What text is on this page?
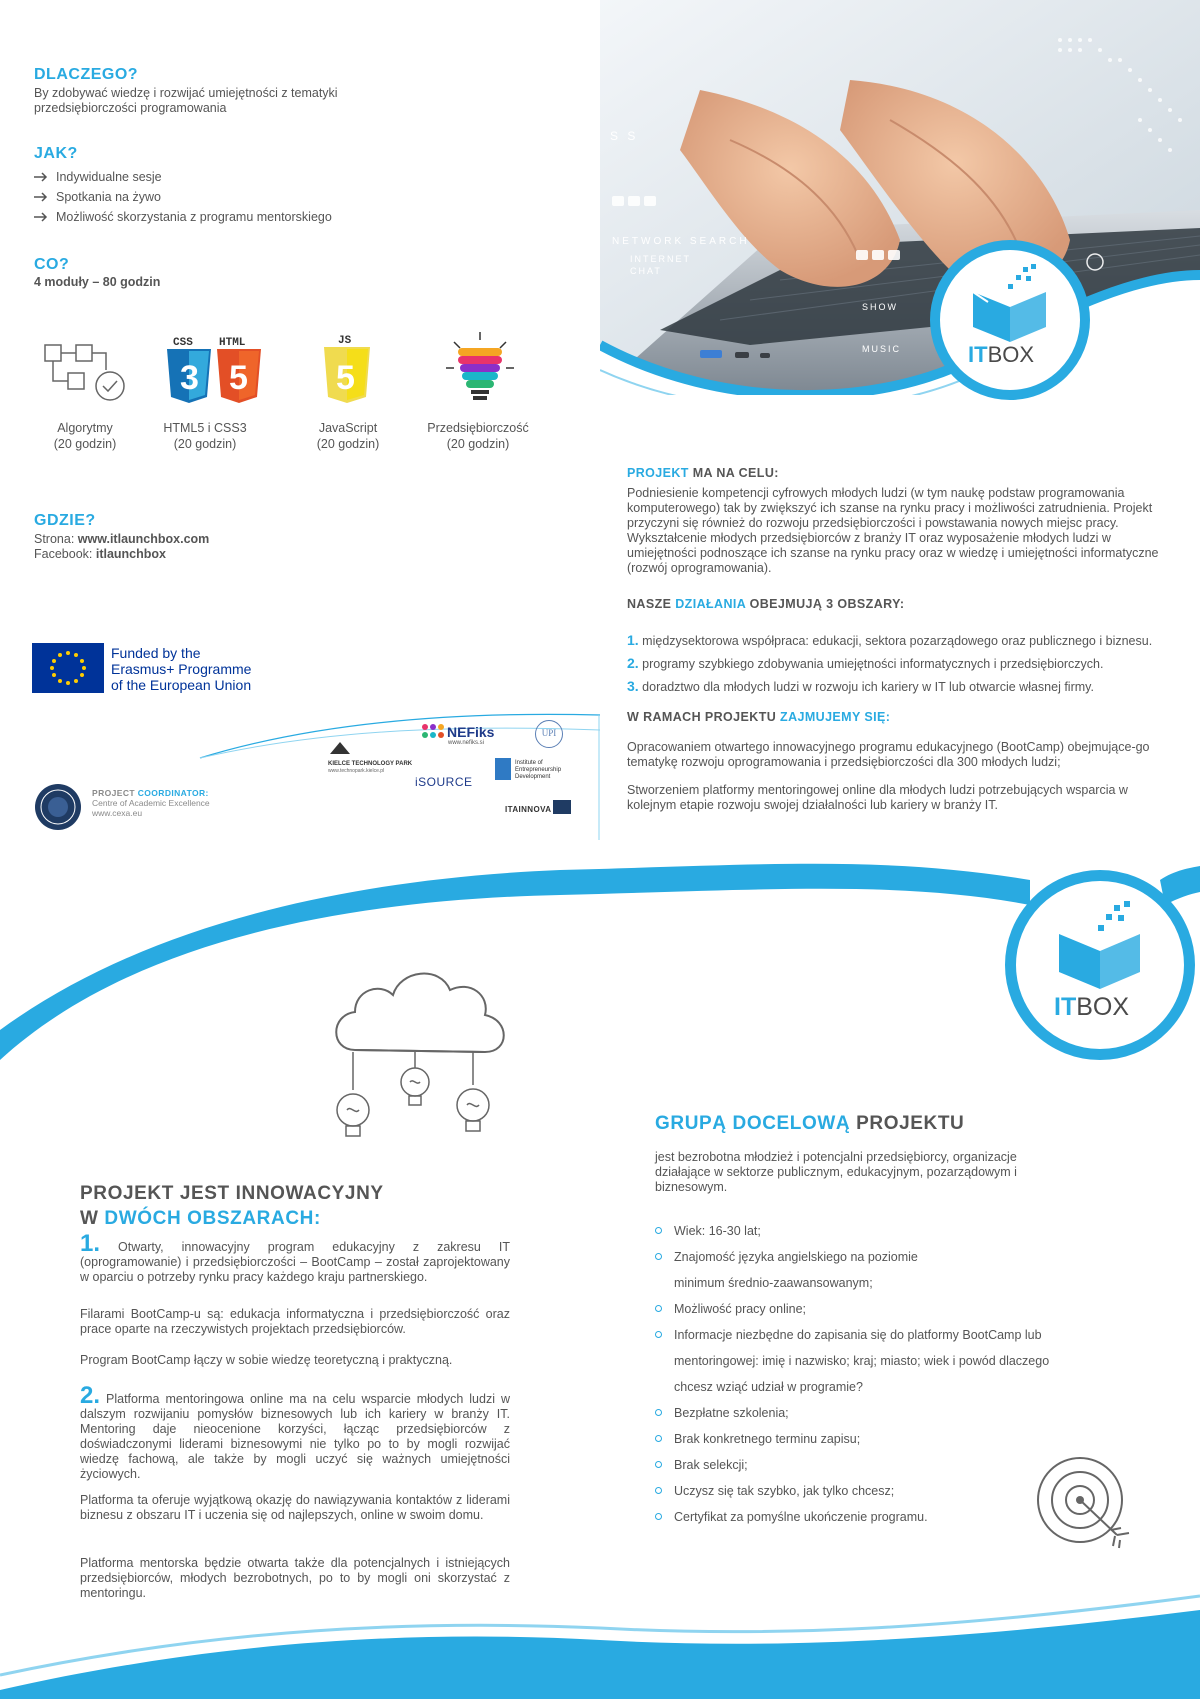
S S
NETWORK SEARCH
INTERNET
CHAT
SHOW
MUSIC	ITBOX
DLACZEGO?
By zdobywać wiedzę i rozwijać umiejętności z tematyki przedsiębiorczości programowania
JAK?
Indywidualne sesje
Spotkania na żywo
Możliwość skorzystania z programu mentorskiego
CO?
4 moduły – 80 godzin
CSS HTML
3 5
JS
5
Algorytmy
(20 godzin)
HTML5 i CSS3
(20 godzin)
JavaScript
(20 godzin)
Przedsiębiorczość
(20 godzin)
GDZIE?
Strona: www.itlaunchbox.com
Facebook: itlaunchbox
Funded by the
Erasmus+ Programme
of the European Union
PROJECT COORDINATOR:
Centre of Academic Excellence
www.cexa.eu
KIELCE TECHNOLOGY PARK
www.technopark.kielce.pl
NEFiks
www.nefiks.si
UPI
iSOURCE
Institute of Entrepreneurship Development
ITAINNOVA
PROJEKT MA NA CELU:
Podniesienie kompetencji cyfrowych młodych ludzi (w tym naukę podstaw programowania komputerowego) tak by zwiększyć ich szanse na rynku pracy i możliwości zatrudnienia. Projekt przyczyni się również do rozwoju przedsiębiorczości i powstawania nowych miejsc pracy. Wykształcenie młodych przedsiębiorców z branży IT oraz wyposażenie młodych ludzi w umiejętności podnoszące ich szanse na rynku pracy oraz w wiedzę i umiejętności informatyczne (rozwój oprogramowania).
NASZE DZIAŁANIA OBEJMUJĄ 3 OBSZARY:
1. międzysektorowa współpraca: edukacji, sektora pozarządowego oraz publicznego i biznesu.
2. programy szybkiego zdobywania umiejętności informatycznych i przedsiębiorczych.
3. doradztwo dla młodych ludzi w rozwoju ich kariery w IT lub otwarcie własnej firmy.
W RAMACH PROJEKTU ZAJMUJEMY SIĘ:
Opracowaniem otwartego innowacyjnego programu edukacyjnego (BootCamp) obejmujące-go tematykę rozwoju oprogramowania i przedsiębiorczości dla 300 młodych ludzi;
Stworzeniem platformy mentoringowej online dla młodych ludzi potrzebujących wsparcia w kolejnym etapie rozwoju swojej działalności lub kariery w branży IT.
PROJEKT JEST INNOWACYJNY
W DWÓCH OBSZARACH:
1. Otwarty, innowacyjny program edukacyjny z zakresu IT (oprogramowanie) i przedsiębiorczości – BootCamp – został zaprojektowany w oparciu o potrzeby rynku pracy każdego kraju partnerskiego.
Filarami BootCamp-u są: edukacja informatyczna i przedsiębiorczość oraz prace oparte na rzeczywistych projektach przedsiębiorców.
Program BootCamp łączy w sobie wiedzę teoretyczną i praktyczną.
2. Platforma mentoringowa online ma na celu wsparcie młodych ludzi w dalszym rozwijaniu pomysłów biznesowych lub ich kariery w branży IT. Mentoring daje nieocenione korzyści, łącząc przedsiębiorców z doświadczonymi liderami biznesowymi nie tylko po to by mogli rozwijać wiedzę fachową, ale także by mogli uczyć się ważnych umiejętności życiowych.
Platforma ta oferuje wyjątkową okazję do nawiązywania kontaktów z liderami biznesu z obszaru IT i uczenia się od najlepszych, online w swoim domu.
Platforma mentorska będzie otwarta także dla potencjalnych i istniejących przedsiębiorców, młodych bezrobotnych, po to by mogli oni skorzystać z mentoringu.
ITBOX
GRUPĄ DOCELOWĄ PROJEKTU
jest bezrobotna młodzież i potencjalni przedsiębiorcy, organizacje działające w sektorze publicznym, edukacyjnym, pozarządowym i biznesowym.
Wiek: 16-30 lat;
Znajomość języka angielskiego na poziomie
minimum średnio-zaawansowanym;
Możliwość pracy online;
Informacje niezbędne do zapisania się do platformy BootCamp lub
mentoringowej: imię i nazwisko; kraj; miasto; wiek i powód dlaczego
chcesz wziąć udział w programie?
Bezpłatne szkolenia;
Brak konkretnego terminu zapisu;
Brak selekcji;
Uczysz się tak szybko, jak tylko chcesz;
Certyfikat za pomyślne ukończenie programu.
